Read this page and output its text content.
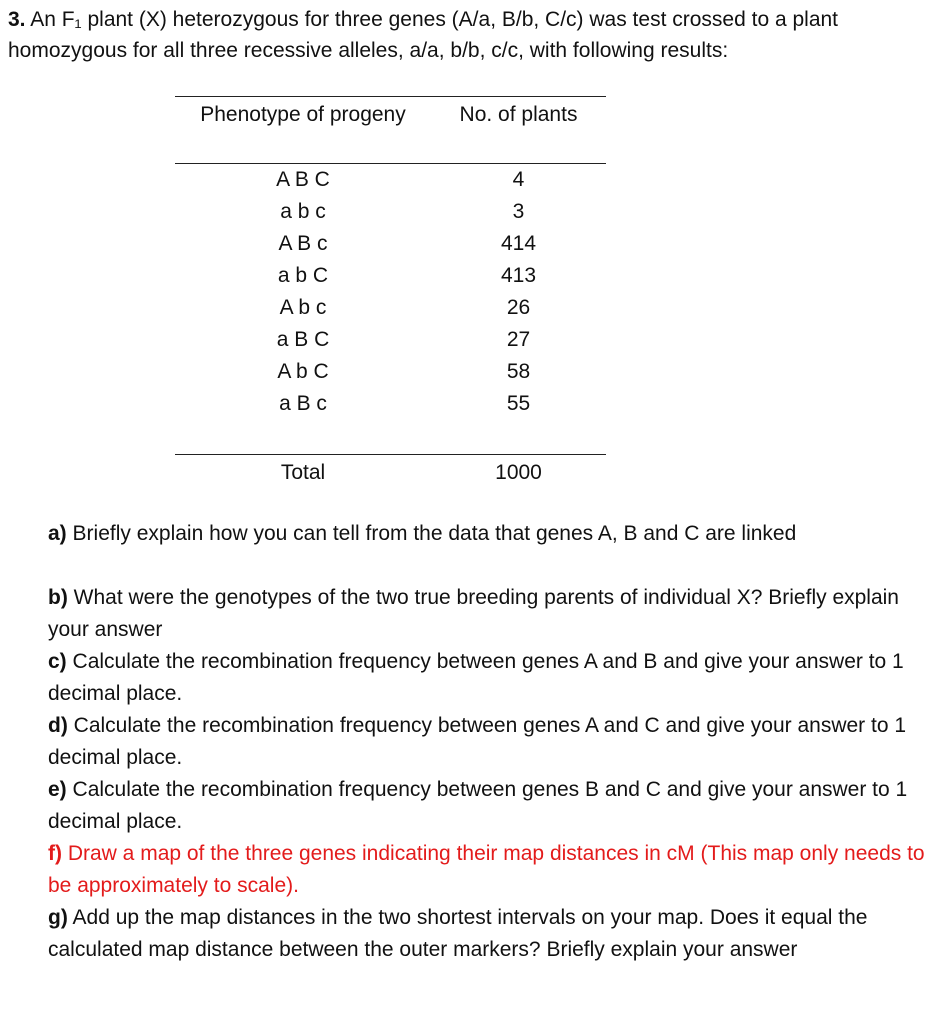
3. An F₁ plant (X) heterozygous for three genes (A/a, B/b, C/c) was test crossed to a plant homozygous for all three recessive alleles, a/a, b/b, c/c, with following results:
Phenotype of progeny	No. of plants
A B C	4
a b c	3
A B c	414
a b C	413
A b c	26
a B C	27
A b C	58
a B c	55

Total	1000

a) Briefly explain how you can tell from the data that genes A, B and C are linked

b) What were the genotypes of the two true breeding parents of individual X? Briefly explain your answer

c) Calculate the recombination frequency between genes A and B and give your answer to 1 decimal place.

d) Calculate the recombination frequency between genes A and C and give your answer to 1 decimal place.

e) Calculate the recombination frequency between genes B and C and give your answer to 1 decimal place.

f) Draw a map of the three genes indicating their map distances in cM (This map only needs to be approximately to scale).

g) Add up the map distances in the two shortest intervals on your map. Does it equal the calculated map distance between the outer markers? Briefly explain your answer
